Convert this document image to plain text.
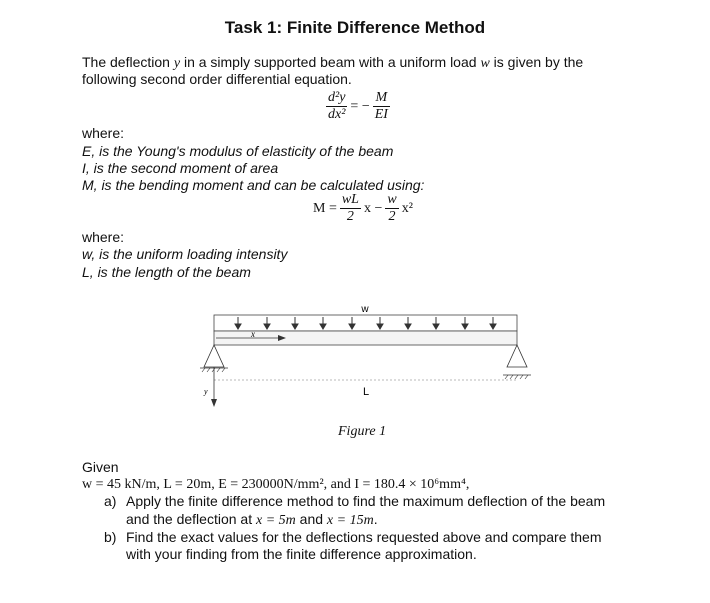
Task 1: Finite Difference Method
The deflection y in a simply supported beam with a uniform load w is given by the
following second order differential equation.
$\frac{\text{d²y}}{\text{dx²}}$ = − $\frac{M}{EI}$
where:
E, is the Young's modulus of elasticity of the beam
I, is the second moment of area
M, is the bending moment and can be calculated using:
$M = \frac{wL}{2}$ $x - \frac{w}{2} x^2$
where:
w, is the uniform loading intensity
L, is the length of the beam
w
x
y	L
Figure 1
Given
w = 45 kN/m, L = 20m, E = 230000N/mm², and I = 180.4 × 10⁶mm⁴,
a) Apply the finite difference method to find the maximum deflection of the beam
and the deflection at x = 5m and x = 15m.
b) Find the exact values for the deflections requested above and compare them
with your finding from the finite difference approximation.
